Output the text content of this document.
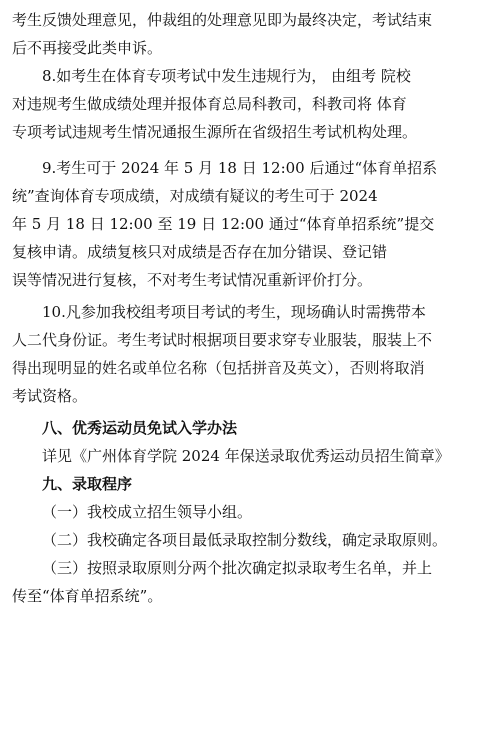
考生反馈处理意见，仲裁组的处理意见即为最终决定，考试结束
后不再接受此类申诉。
8.如考生在体育专项考试中发生违规行为， 由组考 院校
对违规考生做成绩处理并报体育总局科教司，科教司将 体育
专项考试违规考生情况通报生源所在省级招生考试机构处理。
9.考生可于 2024 年 5 月 18 日 12:00 后通过“体育单招系
统”查询体育专项成绩，对成绩有疑议的考生可于 2024
年 5 月 18 日 12:00 至 19 日 12:00 通过“体育单招系统”提交
复核申请。成绩复核只对成绩是否存在加分错误、登记错
误等情况进行复核，不对考生考试情况重新评价打分。
10.凡参加我校组考项目考试的考生，现场确认时需携带本
人二代身份证。考生考试时根据项目要求穿专业服装，服装上不
得出现明显的姓名或单位名称（包括拼音及英文），否则将取消
考试资格。
八、优秀运动员免试入学办法
详见《广州体育学院 2024 年保送录取优秀运动员招生简章》
九、录取程序
（一）我校成立招生领导小组。
（二）我校确定各项目最低录取控制分数线，确定录取原则。
（三）按照录取原则分两个批次确定拟录取考生名单，并上
传至“体育单招系统”。
